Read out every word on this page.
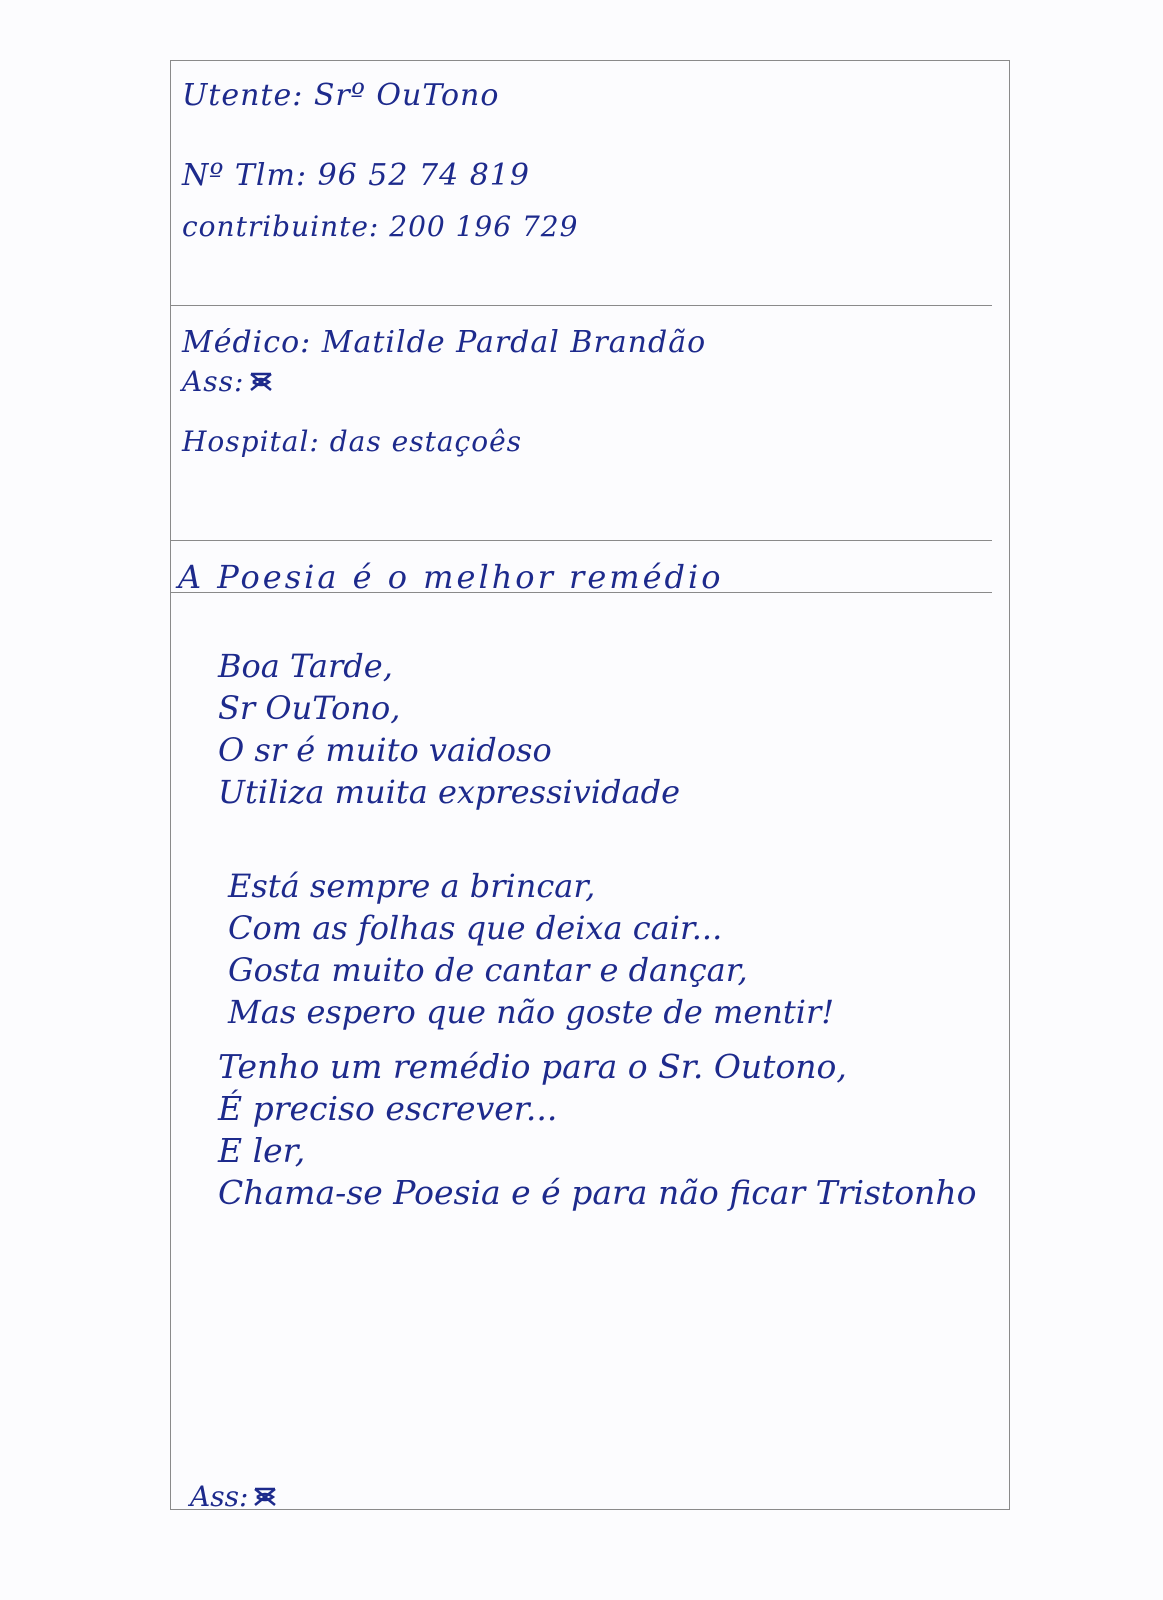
Utente: Srº OuTono
Nº Tlm: 96 52 74 819
contribuinte: 200 196 729
Médico: Matilde Pardal Brandão
Ass:
Hospital: das estaçoês
A Poesia é o melhor remédio
Boa Tarde,
Sr OuTono,
O sr é muito vaidoso
Utiliza muita expressividade
Está sempre a brincar,
Com as folhas que deixa cair...
Gosta muito de cantar e dançar,
Mas espero que não goste de mentir!
Tenho um remédio para o Sr. Outono,
É preciso escrever...
E ler,
Chama-se Poesia e é para não ficar Tristonho
Ass:
